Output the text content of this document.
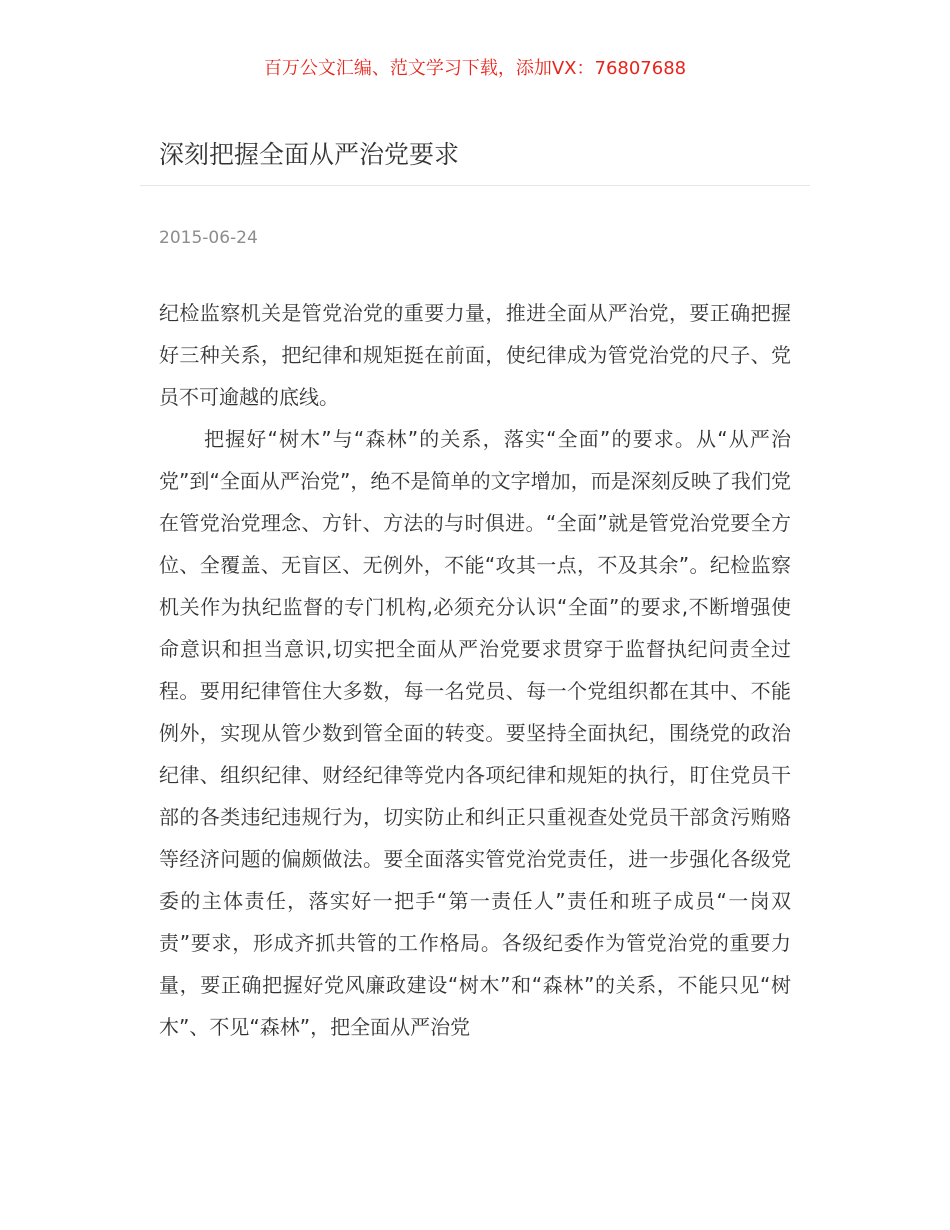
百万公文汇编、范文学习下载，添加VX：76807688
深刻把握全面从严治党要求
2015-06-24

纪检监察机关是管党治党的重要力量，推进全面从严治党，要正确把握好三种关系，把纪律和规矩挺在前面，使纪律成为管党治党的尺子、党员不可逾越的底线。

把握好“树木”与“森林”的关系，落实“全面”的要求。从“从严治党”到“全面从严治党”，绝不是简单的文字增加，而是深刻反映了我们党在管党治党理念、方针、方法的与时俱进。“全面”就是管党治党要全方位、全覆盖、无盲区、无例外，不能“攻其一点，不及其余”。纪检监察机关作为执纪监督的专门机构,必须充分认识“全面”的要求,不断增强使命意识和担当意识,切实把全面从严治党要求贯穿于监督执纪问责全过程。要用纪律管住大多数，每一名党员、每一个党组织都在其中、不能例外，实现从管少数到管全面的转变。要坚持全面执纪，围绕党的政治纪律、组织纪律、财经纪律等党内各项纪律和规矩的执行，盯住党员干部的各类违纪违规行为，切实防止和纠正只重视查处党员干部贪污贿赂等经济问题的偏颇做法。要全面落实管党治党责任，进一步强化各级党委的主体责任，落实好一把手“第一责任人”责任和班子成员“一岗双责”要求，形成齐抓共管的工作格局。各级纪委作为管党治党的重要力量，要正确把握好党风廉政建设“树木”和“森林”的关系，不能只见“树木”、不见“森林”，把全面从严治党
